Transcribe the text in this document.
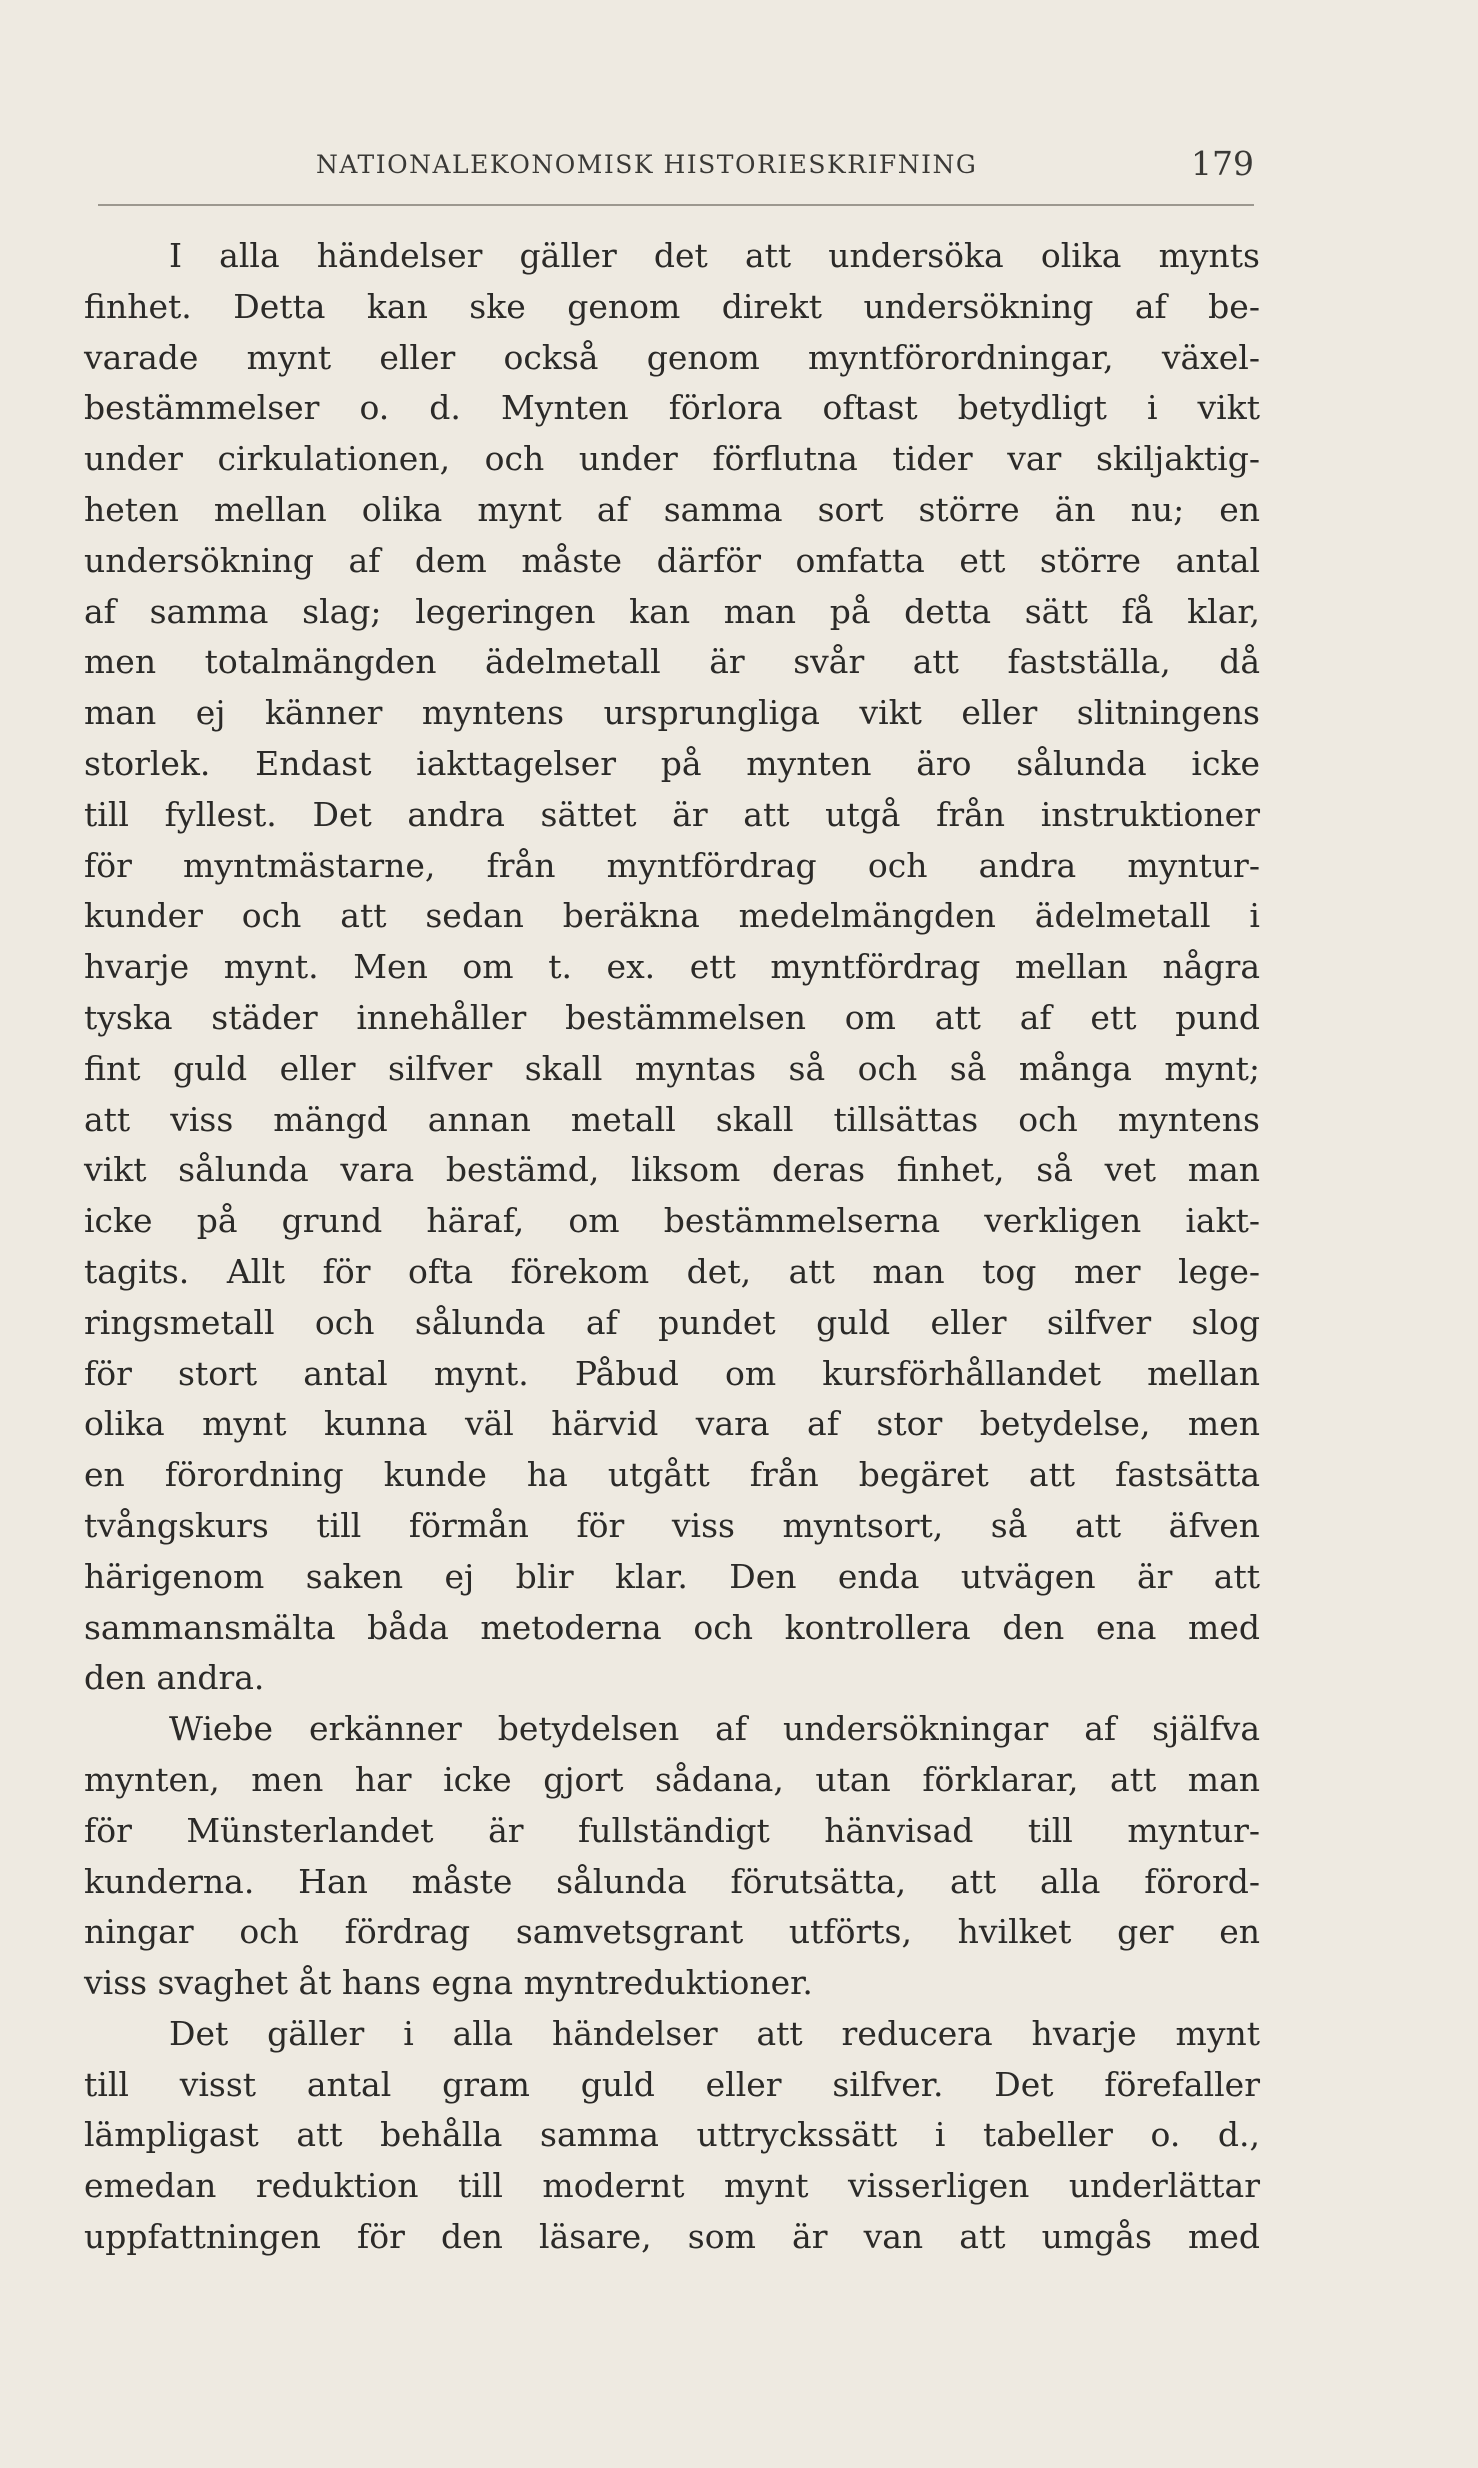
NATIONALEKONOMISK HISTORIESKRIFNING	179
I alla händelser gäller det att undersöka olika mynts
finhet. Detta kan ske genom direkt undersökning af be-
varade mynt eller också genom myntförordningar, växel-
bestämmelser o. d. Mynten förlora oftast betydligt i vikt
under cirkulationen, och under förflutna tider var skiljaktig-
heten mellan olika mynt af samma sort större än nu; en
undersökning af dem måste därför omfatta ett större antal
af samma slag; legeringen kan man på detta sätt få klar,
men totalmängden ädelmetall är svår att fastställa, då
man ej känner myntens ursprungliga vikt eller slitningens
storlek. Endast iakttagelser på mynten äro sålunda icke
till fyllest. Det andra sättet är att utgå från instruktioner
för myntmästarne, från myntfördrag och andra myntur-
kunder och att sedan beräkna medelmängden ädelmetall i
hvarje mynt. Men om t. ex. ett myntfördrag mellan några
tyska städer innehåller bestämmelsen om att af ett pund
fint guld eller silfver skall myntas så och så många mynt;
att viss mängd annan metall skall tillsättas och myntens
vikt sålunda vara bestämd, liksom deras finhet, så vet man
icke på grund häraf, om bestämmelserna verkligen iakt-
tagits. Allt för ofta förekom det, att man tog mer lege-
ringsmetall och sålunda af pundet guld eller silfver slog
för stort antal mynt. Påbud om kursförhållandet mellan
olika mynt kunna väl härvid vara af stor betydelse, men
en förordning kunde ha utgått från begäret att fastsätta
tvångskurs till förmån för viss myntsort, så att äfven
härigenom saken ej blir klar. Den enda utvägen är att
sammansmälta båda metoderna och kontrollera den ena med
den andra.
Wiebe erkänner betydelsen af undersökningar af själfva
mynten, men har icke gjort sådana, utan förklarar, att man
för Münsterlandet är fullständigt hänvisad till myntur-
kunderna. Han måste sålunda förutsätta, att alla förord-
ningar och fördrag samvetsgrant utförts, hvilket ger en
viss svaghet åt hans egna myntreduktioner.
Det gäller i alla händelser att reducera hvarje mynt
till visst antal gram guld eller silfver. Det förefaller
lämpligast att behålla samma uttryckssätt i tabeller o. d.,
emedan reduktion till modernt mynt visserligen underlättar
uppfattningen för den läsare, som är van att umgås med
